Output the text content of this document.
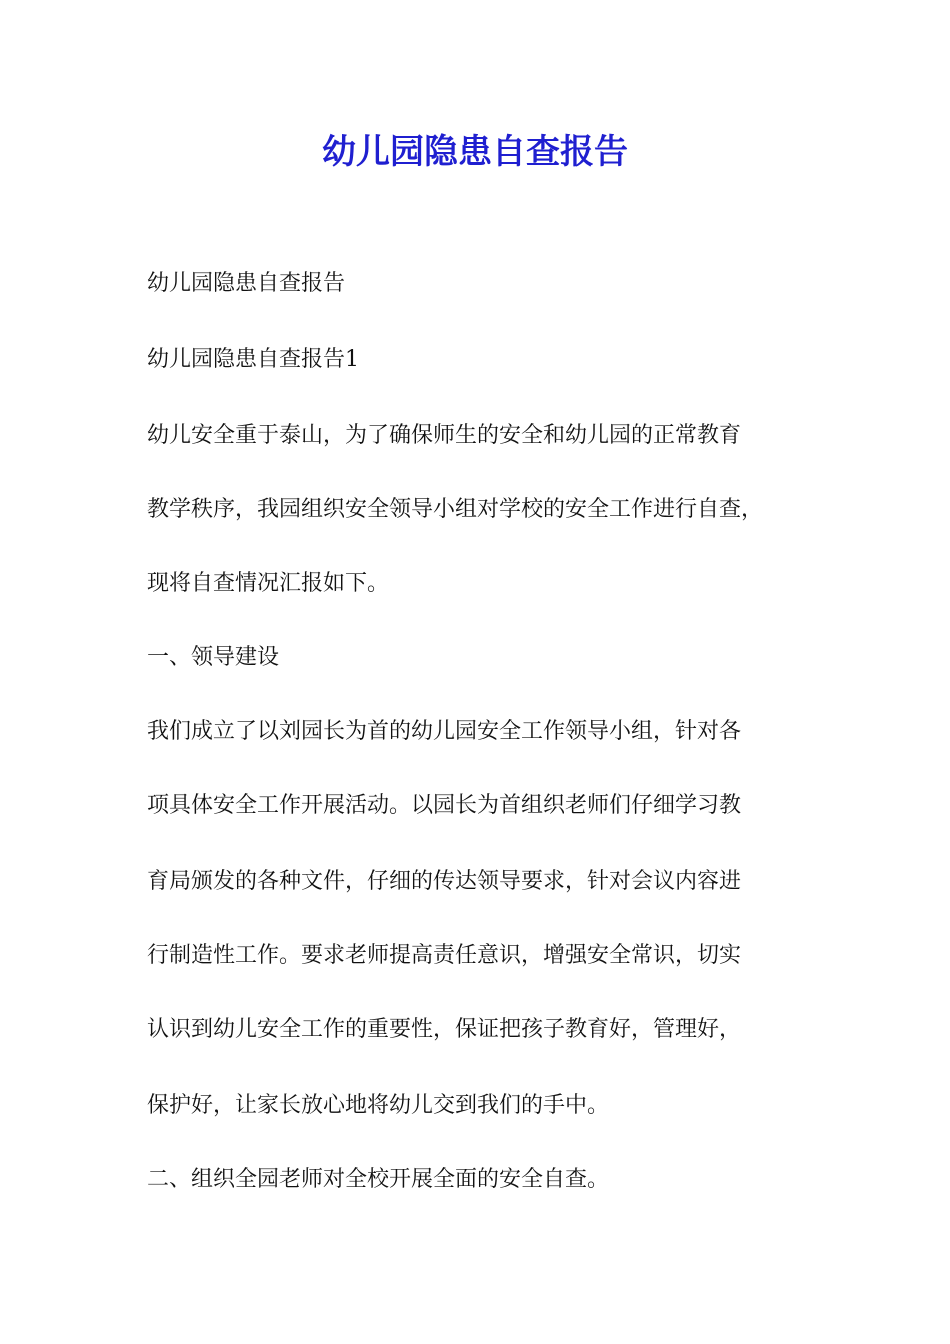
幼儿园隐患自查报告

幼儿园隐患自查报告

幼儿园隐患自查报告1

幼儿安全重于泰山，为了确保师生的安全和幼儿园的正常教育

教学秩序，我园组织安全领导小组对学校的安全工作进行自查，

现将自查情况汇报如下。

一、领导建设

我们成立了以刘园长为首的幼儿园安全工作领导小组，针对各

项具体安全工作开展活动。以园长为首组织老师们仔细学习教

育局颁发的各种文件，仔细的传达领导要求，针对会议内容进

行制造性工作。要求老师提高责任意识，增强安全常识，切实

认识到幼儿安全工作的重要性，保证把孩子教育好，管理好，

保护好，让家长放心地将幼儿交到我们的手中。

二、组织全园老师对全校开展全面的安全自查。
